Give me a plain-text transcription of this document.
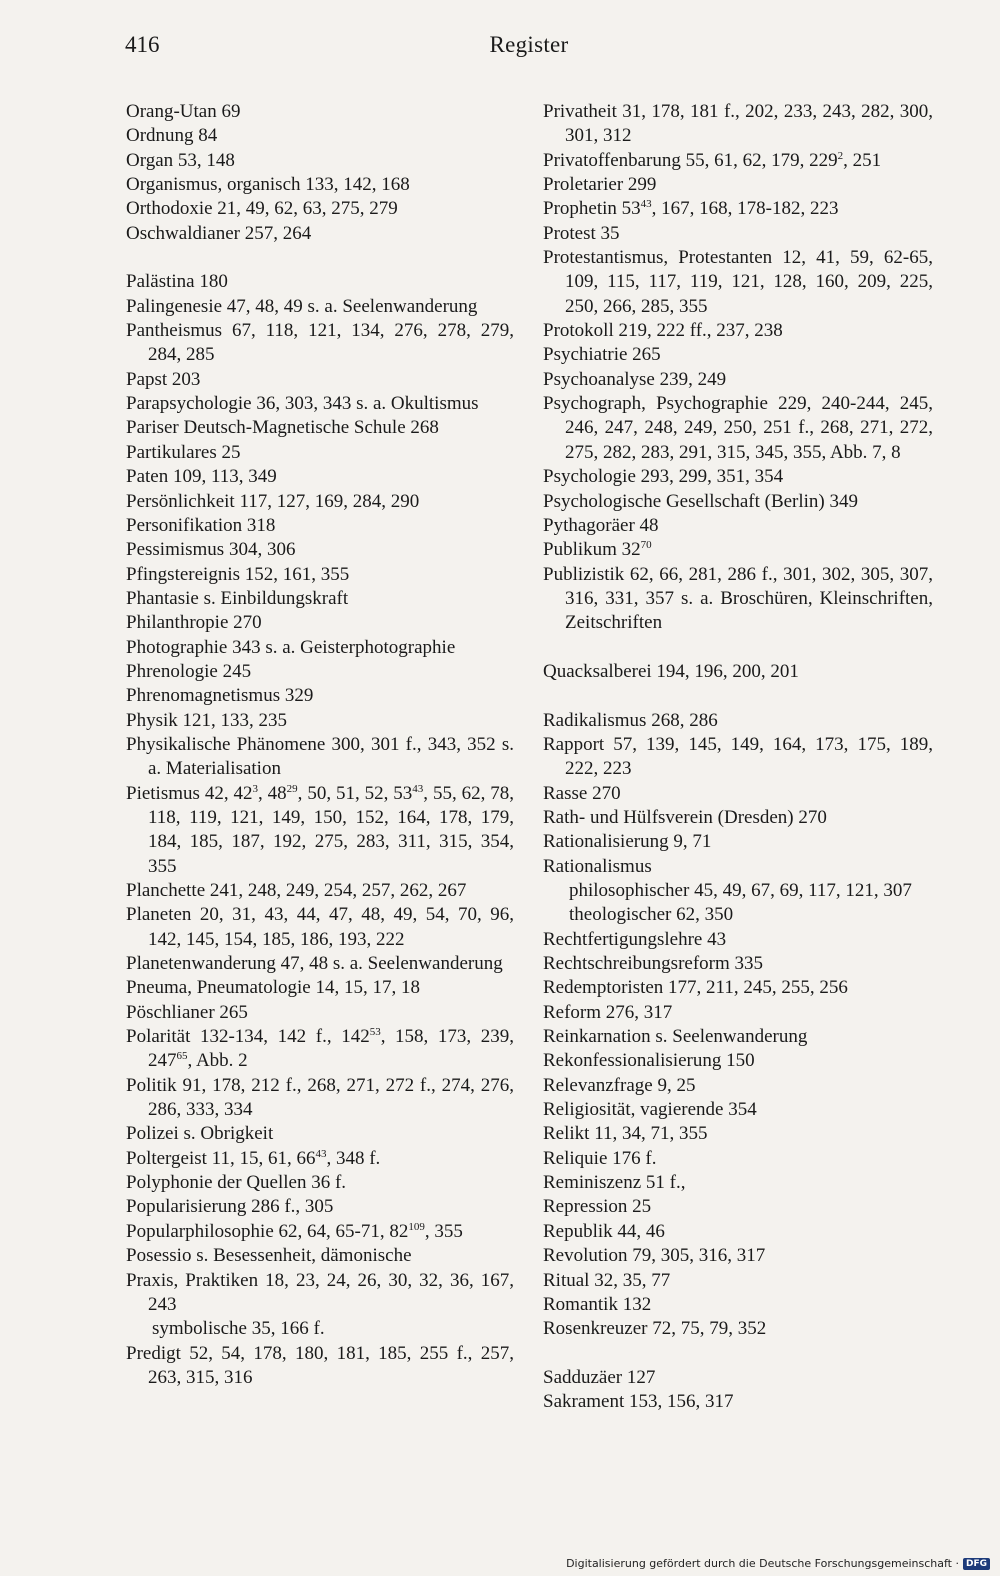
416	Register
Orang-Utan 69
Ordnung 84
Organ 53, 148
Organismus, organisch 133, 142, 168
Orthodoxie 21, 49, 62, 63, 275, 279
Oschwaldianer 257, 264
Palästina 180
Palingenesie 47, 48, 49 s. a. Seelenwanderung
Pantheismus 67, 118, 121, 134, 276, 278, 279, 284, 285
Papst 203
Parapsychologie 36, 303, 343 s. a. Okultismus
Pariser Deutsch-Magnetische Schule 268
Partikulares 25
Paten 109, 113, 349
Persönlichkeit 117, 127, 169, 284, 290
Personifikation 318
Pessimismus 304, 306
Pfingstereignis 152, 161, 355
Phantasie s. Einbildungskraft
Philanthropie 270
Photographie 343 s. a. Geisterphotographie
Phrenologie 245
Phrenomagnetismus 329
Physik 121, 133, 235
Physikalische Phänomene 300, 301 f., 343, 352 s. a. Materialisation
Pietismus 42, $42^3$, $48^{29}$, 50, 51, 52, $53^{43}$, 55, 62, 78, 118, 119, 121, 149, 150, 152, 164, 178, 179, 184, 185, 187, 192, 275, 283, 311, 315, 354, 355
Planchette 241, 248, 249, 254, 257, 262, 267
Planeten 20, 31, 43, 44, 47, 48, 49, 54, 70, 96, 142, 145, 154, 185, 186, 193, 222
Planetenwanderung 47, 48 s. a. Seelenwanderung
Pneuma, Pneumatologie 14, 15, 17, 18
Pöschlianer 265
Polarität 132-134, 142 f., $142^{53}$, 158, 173, 239, $247^{65}$, Abb. 2
Politik 91, 178, 212 f., 268, 271, 272 f., 274, 276, 286, 333, 334
Polizei s. Obrigkeit
Poltergeist 11, 15, 61, $66^{43}$, 348 f.
Polyphonie der Quellen 36 f.
Popularisierung 286 f., 305
Popularphilosophie 62, 64, 65-71, $82^{109}$, 355
Posessio s. Besessenheit, dämonische
Praxis, Praktiken 18, 23, 24, 26, 30, 32, 36, 167, 243
symbolische 35, 166 f.
Predigt 52, 54, 178, 180, 181, 185, 255 f., 257, 263, 315, 316
Privatheit 31, 178, 181 f., 202, 233, 243, 282, 300, 301, 312
Privatoffenbarung 55, 61, 62, 179, $229^2$, 251
Proletarier 299
Prophetin $53^{43}$, 167, 168, 178-182, 223
Protest 35
Protestantismus, Protestanten 12, 41, 59, 62-65, 109, 115, 117, 119, 121, 128, 160, 209, 225, 250, 266, 285, 355
Protokoll 219, 222 ff., 237, 238
Psychiatrie 265
Psychoanalyse 239, 249
Psychograph, Psychographie 229, 240-244, 245, 246, 247, 248, 249, 250, 251 f., 268, 271, 272, 275, 282, 283, 291, 315, 345, 355, Abb. 7, 8
Psychologie 293, 299, 351, 354
Psychologische Gesellschaft (Berlin) 349
Pythagoräer 48
Publikum $32^{70}$
Publizistik 62, 66, 281, 286 f., 301, 302, 305, 307, 316, 331, 357 s. a. Broschüren, Kleinschriften, Zeitschriften
Quacksalberei 194, 196, 200, 201
Radikalismus 268, 286
Rapport 57, 139, 145, 149, 164, 173, 175, 189, 222, 223
Rasse 270
Rath- und Hülfsverein (Dresden) 270
Rationalisierung 9, 71
Rationalismus
philosophischer 45, 49, 67, 69, 117, 121, 307
theologischer 62, 350
Rechtfertigungslehre 43
Rechtschreibungsreform 335
Redemptoristen 177, 211, 245, 255, 256
Reform 276, 317
Reinkarnation s. Seelenwanderung
Rekonfessionalisierung 150
Relevanzfrage 9, 25
Religiosität, vagierende 354
Relikt 11, 34, 71, 355
Reliquie 176 f.
Reminiszenz 51 f.,
Repression 25
Republik 44, 46
Revolution 79, 305, 316, 317
Ritual 32, 35, 77
Romantik 132
Rosenkreuzer 72, 75, 79, 352
Sadduzäer 127
Sakrament 153, 156, 317
Digitalisierung gefördert durch die Deutsche Forschungsgemeinschaft · DFG
